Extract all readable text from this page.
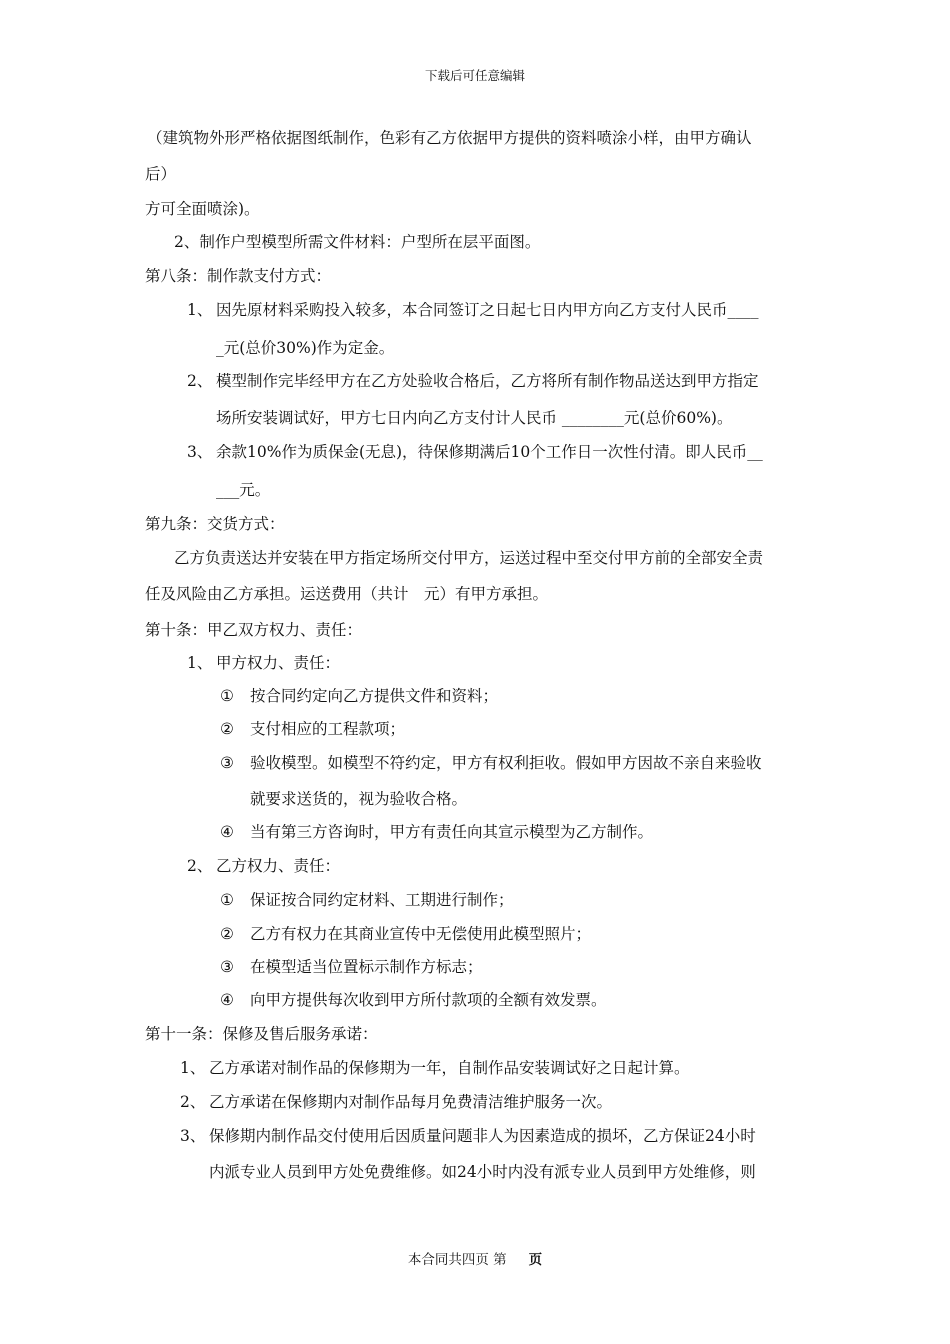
下载后可任意编辑
（建筑物外形严格依据图纸制作，色彩有乙方依据甲方提供的资料喷涂小样，由甲方确认
后）
方可全面喷涂)。
2、制作户型模型所需文件材料：户型所在层平面图。
第八条：制作款支付方式：
1、 因先原材料采购投入较多，本合同签订之日起七日内甲方向乙方支付人民币____
_元(总价30%)作为定金。
2、 模型制作完毕经甲方在乙方处验收合格后，乙方将所有制作物品送达到甲方指定
场所安装调试好，甲方七日内向乙方支付计人民币 ________元(总价60%)。
3、 余款10%作为质保金(无息)，待保修期满后10个工作日一次性付清。即人民币__
___元。
第九条：交货方式：
乙方负责送达并安装在甲方指定场所交付甲方，运送过程中至交付甲方前的全部安全责
任及风险由乙方承担。运送费用（共计　元）有甲方承担。
第十条：甲乙双方权力、责任：
1、 甲方权力、责任：
① 按合同约定向乙方提供文件和资料；
② 支付相应的工程款项；
③ 验收模型。如模型不符约定，甲方有权利拒收。假如甲方因故不亲自来验收
就要求送货的，视为验收合格。
④ 当有第三方咨询时，甲方有责任向其宣示模型为乙方制作。
2、 乙方权力、责任：
① 保证按合同约定材料、工期进行制作；
② 乙方有权力在其商业宣传中无偿使用此模型照片；
③ 在模型适当位置标示制作方标志；
④ 向甲方提供每次收到甲方所付款项的全额有效发票。
第十一条：保修及售后服务承诺：
1、 乙方承诺对制作品的保修期为一年，自制作品安装调试好之日起计算。
2、 乙方承诺在保修期内对制作品每月免费清洁维护服务一次。
3、 保修期内制作品交付使用后因质量问题非人为因素造成的损坏，乙方保证24小时
内派专业人员到甲方处免费维修。如24小时内没有派专业人员到甲方处维修，则
本合同共四页 第 页
